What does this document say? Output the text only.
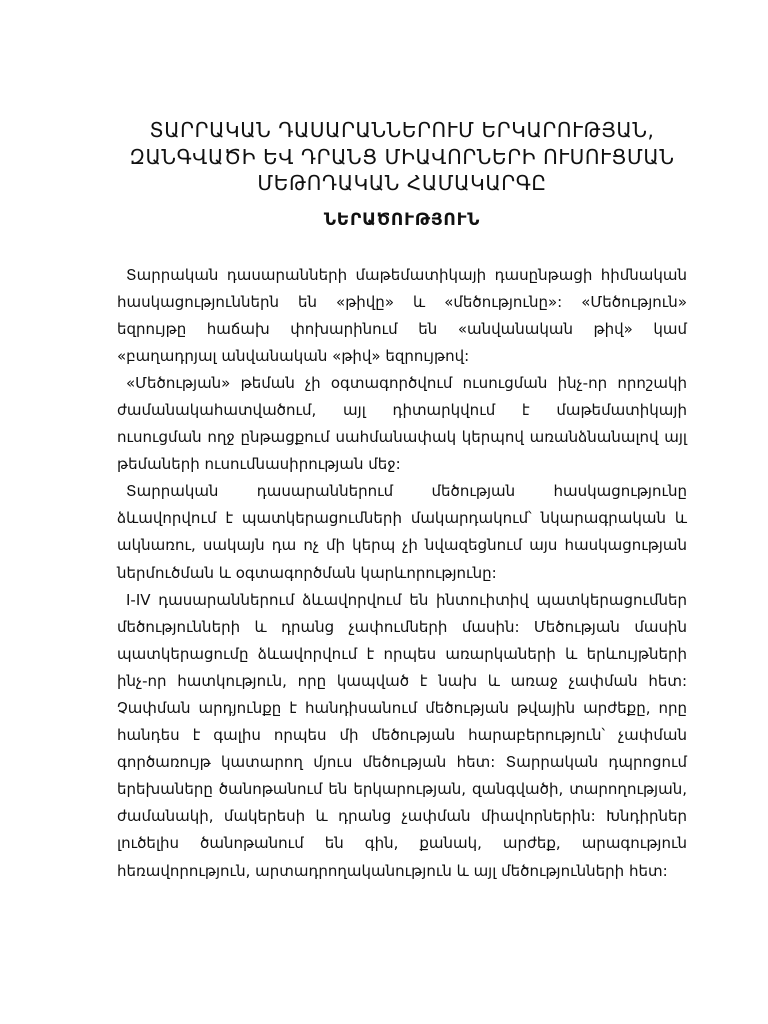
ՏԱՐՐԱԿԱՆ ԴԱՍԱՐԱՆՆԵՐՈՒՄ ԵՐԿԱՐՈՒԹՅԱՆ,
ԶԱՆԳՎԱԾԻ ԵՎ ԴՐԱՆՑ ՄԻԱՎՈՐՆԵՐԻ ՈՒՍՈՒՑՄԱՆ
ՄԵԹՈԴԱԿԱՆ ՀԱՄԱԿԱՐԳԸ
ՆԵՐԱԾՈՒԹՅՈՒՆ

Տարրական դասարանների մաթեմատիկայի դասընթացի հիմնական հասկացություններն են «թիվը» և «մեծությունը»: «Մեծություն» եզրույթը հաճախ փոխարինում են «անվանական թիվ» կամ «բաղադրյալ անվանական «թիվ» եզրույթով:

«Մեծության» թեման չի օգտագործվում ուսուցման ինչ-որ որոշակի ժամանակահատվածում, այլ դիտարկվում է մաթեմատիկայի ուսուցման ողջ ընթացքում սահմանափակ կերպով առանձնանալով այլ թեմաների ուսումնասիրության մեջ:

Տարրական դասարաններում մեծության հասկացությունը ձևավորվում է պատկերացումների մակարդակում՝ նկարագրական և ակնառու, սակայն դա ոչ մի կերպ չի նվազեցնում այս հասկացության ներմուծման և օգտագործման կարևորությունը:

I-IV դասարաններում ձևավորվում են ինտուիտիվ պատկերացումներ մեծությունների և դրանց չափումների մասին: Մեծության մասին պատկերացումը ձևավորվում է որպես առարկաների և երևույթների ինչ-որ հատկություն, որը կապված է նախ և առաջ չափման հետ: Չափման արդյունքը է հանդիսանում մեծության թվային արժեքը, որը հանդես է գալիս որպես մի մեծության հարաբերություն՝ չափման գործառույթ կատարող մյուս մեծության հետ: Տարրական դպրոցում երեխաները ծանոթանում են երկարության, զանգվածի, տարողության, ժամանակի, մակերեսի և դրանց չափման միավորներին: Խնդիրներ լուծելիս ծանոթանում են գին, քանակ, արժեք, արագություն հեռավորություն, արտադրողականություն և այլ մեծությունների հետ:
